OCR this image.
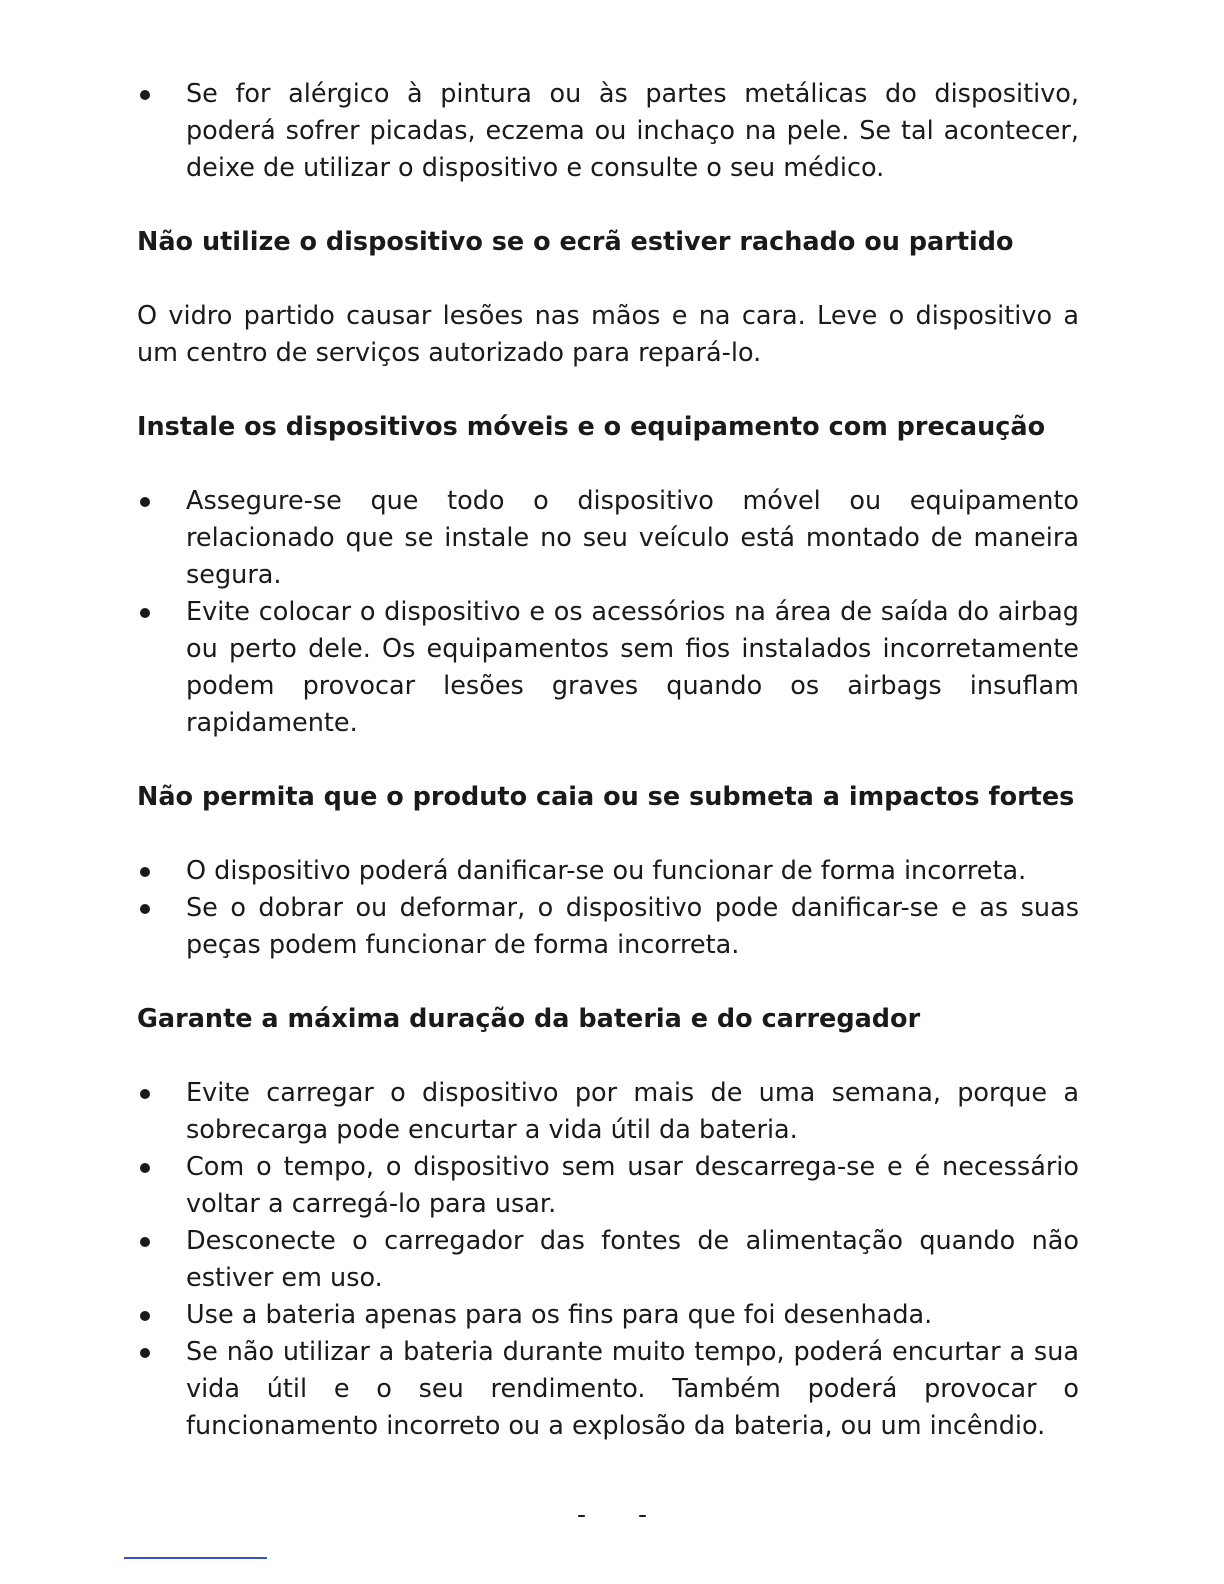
Se for alérgico à pintura ou às partes metálicas do dispositivo, poderá sofrer picadas, eczema ou inchaço na pele. Se tal acontecer, deixe de utilizar o dispositivo e consulte o seu médico.

Não utilize o dispositivo se o ecrã estiver rachado ou partido

O vidro partido causar lesões nas mãos e na cara. Leve o dispositivo a um centro de serviços autorizado para repará-lo.

Instale os dispositivos móveis e o equipamento com precaução

Assegure-se que todo o dispositivo móvel ou equipamento relacionado que se instale no seu veículo está montado de maneira segura.
Evite colocar o dispositivo e os acessórios na área de saída do airbag ou perto dele. Os equipamentos sem fios instalados incorretamente podem provocar lesões graves quando os airbags insuflam rapidamente.

Não permita que o produto caia ou se submeta a impactos fortes

O dispositivo poderá danificar-se ou funcionar de forma incorreta.
Se o dobrar ou deformar, o dispositivo pode danificar-se e as suas peças podem funcionar de forma incorreta.

Garante a máxima duração da bateria e do carregador

Evite carregar o dispositivo por mais de uma semana, porque a sobrecarga pode encurtar a vida útil da bateria.
Com o tempo, o dispositivo sem usar descarrega-se e é necessário voltar a carregá-lo para usar.
Desconecte o carregador das fontes de alimentação quando não estiver em uso.
Use a bateria apenas para os fins para que foi desenhada.
Se não utilizar a bateria durante muito tempo, poderá encurtar a sua vida útil e o seu rendimento. Também poderá provocar o funcionamento incorreto ou a explosão da bateria, ou um incêndio.
- -
